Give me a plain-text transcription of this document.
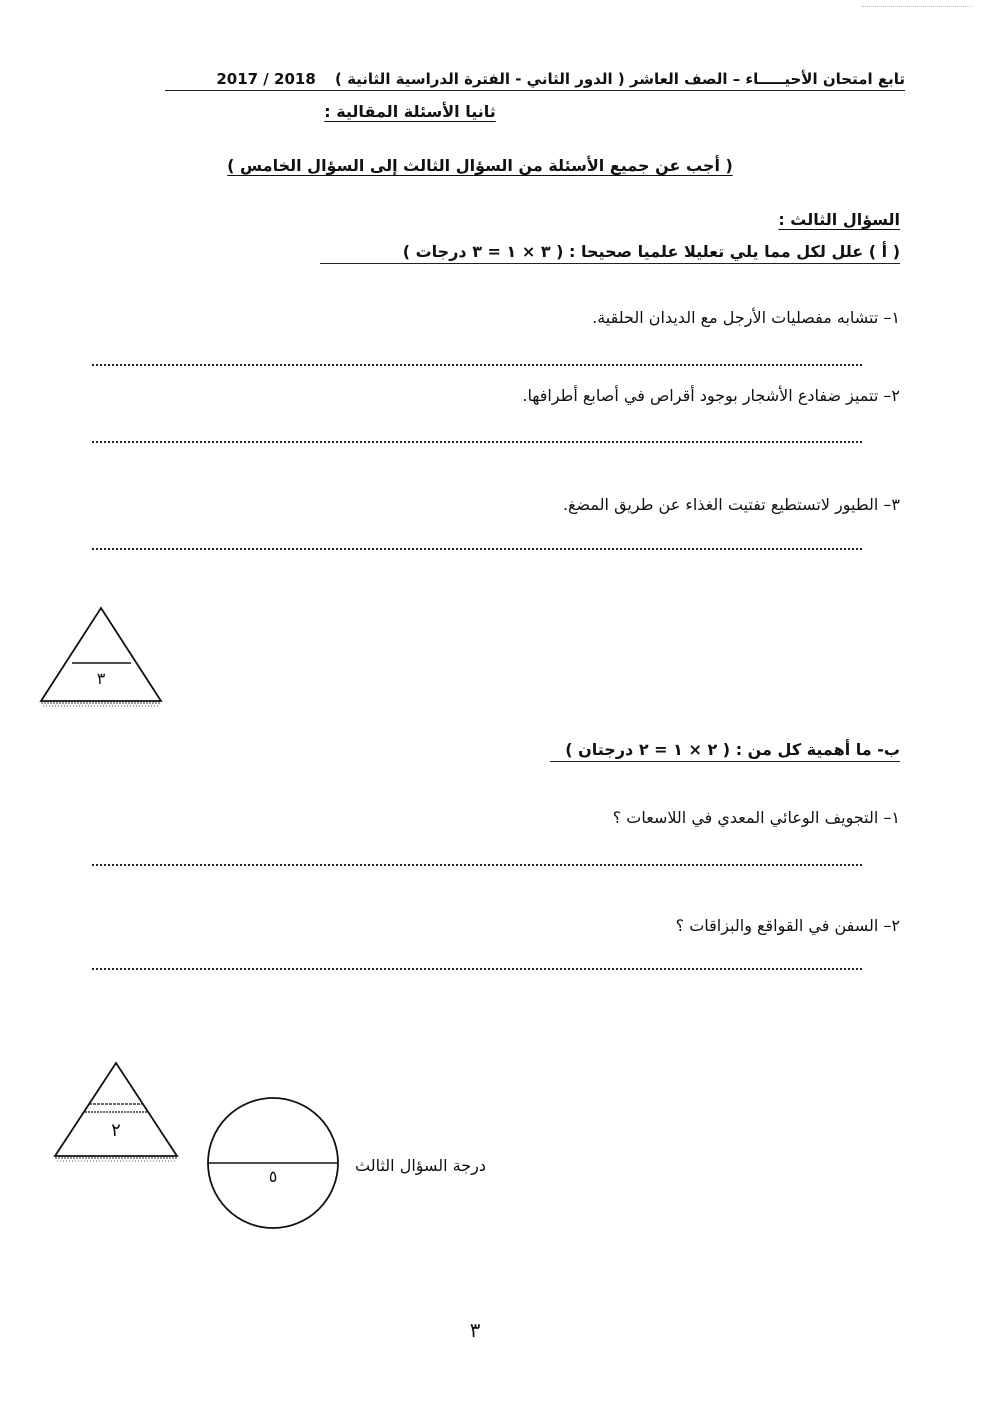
تابع امتحان الأحيـــــاء – الصف العاشر ( الدور الثاني - الفترة الدراسية الثانية ) 2018 / 2017
ثانيا الأسئلة المقالية :
( أجب عن جميع الأسئلة من السؤال الثالث إلى السؤال الخامس )
السؤال الثالث :
( أ ) علل لكل مما يلي تعليلا علميا صحيحا : ( ٣ × ١ = ٣ درجات )
١– تتشابه مفصليات الأرجل مع الديدان الحلقية.
٢– تتميز ضفادع الأشجار بوجود أقراص في أصابع أطرافها.
٣– الطيور لاتستطيع تفتيت الغذاء عن طريق المضغ.
٣
ب- ما أهمية كل من : ( ٢ × ١ = ٢ درجتان )
١– التجويف الوعائي المعدي في اللاسعات ؟
٢– السفن في القواقع والبزاقات ؟
٢
٥
درجة السؤال الثالث
٣
